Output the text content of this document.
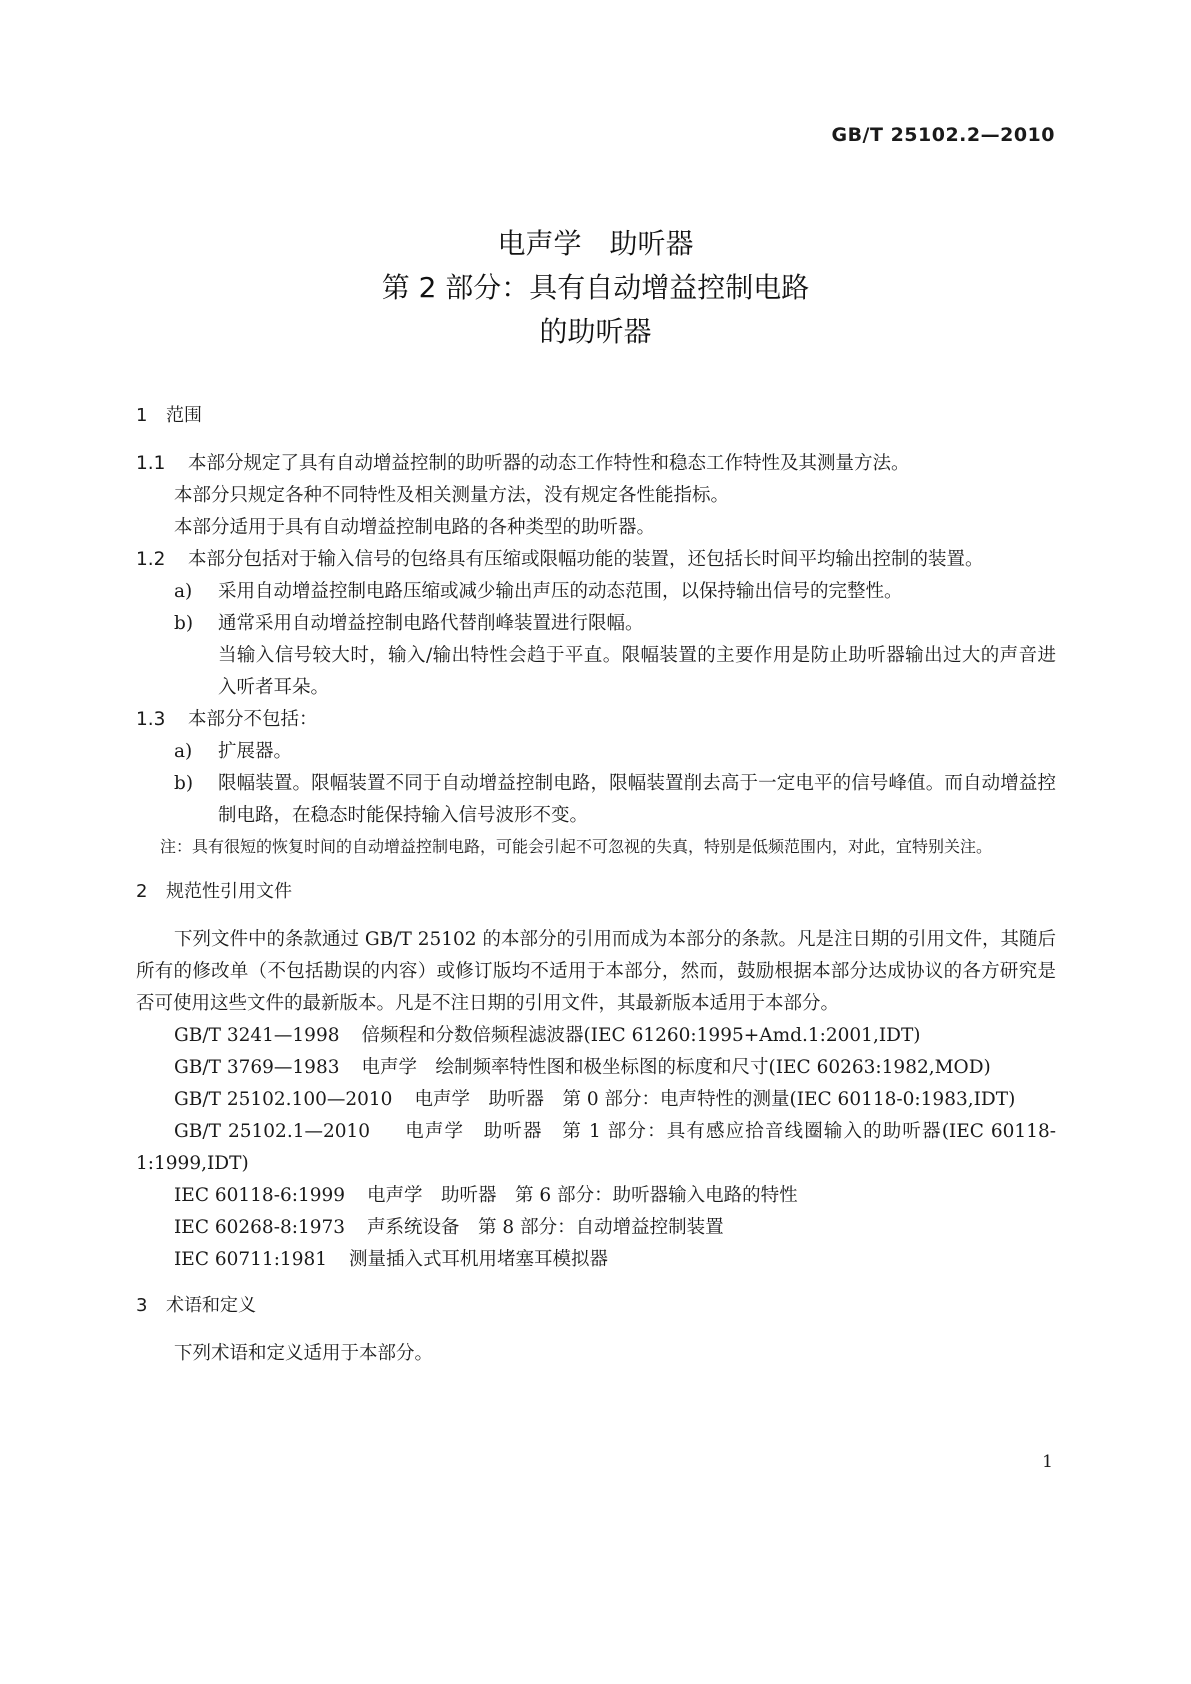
GB/T 25102.2—2010
电声学　助听器
第 2 部分：具有自动增益控制电路
的助听器
1 范围

1.1 本部分规定了具有自动增益控制的助听器的动态工作特性和稳态工作特性及其测量方法。

本部分只规定各种不同特性及相关测量方法，没有规定各性能指标。

本部分适用于具有自动增益控制电路的各种类型的助听器。

1.2 本部分包括对于输入信号的包络具有压缩或限幅功能的装置，还包括长时间平均输出控制的装置。

a)	采用自动增益控制电路压缩或减少输出声压的动态范围，以保持输出信号的完整性。
b)	通常采用自动增益控制电路代替削峰装置进行限幅。

当输入信号较大时，输入/输出特性会趋于平直。限幅装置的主要作用是防止助听器输出过大的声音进入听者耳朵。

1.3 本部分不包括：

a)	扩展器。
b)	限幅装置。限幅装置不同于自动增益控制电路，限幅装置削去高于一定电平的信号峰值。而自动增益控制电路，在稳态时能保持输入信号波形不变。

注：具有很短的恢复时间的自动增益控制电路，可能会引起不可忽视的失真，特别是低频范围内，对此，宜特别关注。

2 规范性引用文件

下列文件中的条款通过 GB/T 25102 的本部分的引用而成为本部分的条款。凡是注日期的引用文件，其随后所有的修改单（不包括勘误的内容）或修订版均不适用于本部分，然而，鼓励根据本部分达成协议的各方研究是否可使用这些文件的最新版本。凡是不注日期的引用文件，其最新版本适用于本部分。

GB/T 3241—1998 倍频程和分数倍频程滤波器(IEC 61260:1995+Amd.1:2001,IDT)

GB/T 3769—1983 电声学　绘制频率特性图和极坐标图的标度和尺寸(IEC 60263:1982,MOD)

GB/T 25102.100—2010 电声学　助听器　第 0 部分：电声特性的测量(IEC 60118-0:1983,IDT)

GB/T 25102.1—2010 电声学　助听器　第 1 部分：具有感应拾音线圈输入的助听器(IEC 60118-1:1999,IDT)

IEC 60118-6:1999 电声学　助听器　第 6 部分：助听器输入电路的特性

IEC 60268-8:1973 声系统设备　第 8 部分：自动增益控制装置

IEC 60711:1981 测量插入式耳机用堵塞耳模拟器

3 术语和定义

下列术语和定义适用于本部分。

1
